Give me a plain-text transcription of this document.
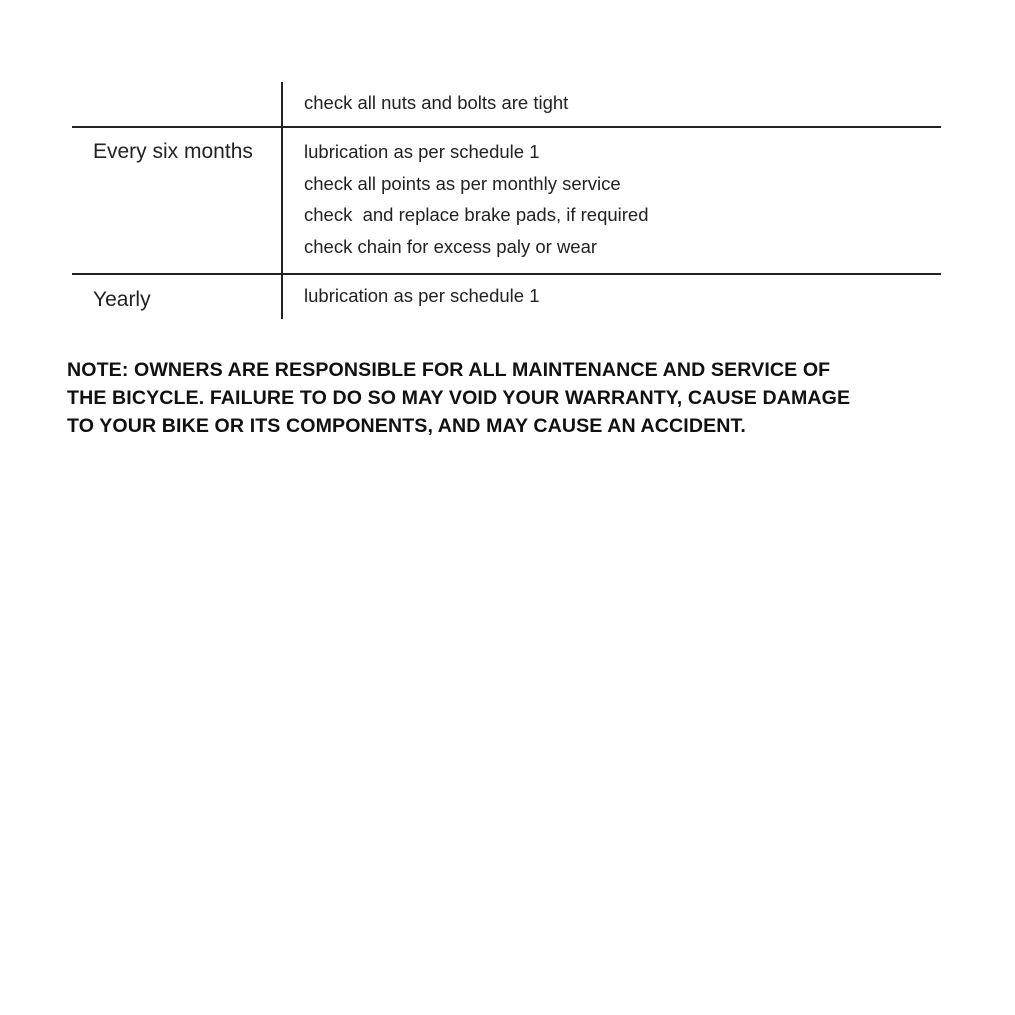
check all nuts and bolts are tight
Every six months	lubrication as per schedule 1
check all points as per monthly service
check  and replace brake pads, if required
check chain for excess paly or wear
Yearly	lubrication as per schedule 1

NOTE: OWNERS ARE RESPONSIBLE FOR ALL MAINTENANCE AND SERVICE OF
THE BICYCLE. FAILURE TO DO SO MAY VOID YOUR WARRANTY, CAUSE DAMAGE
TO YOUR BIKE OR ITS COMPONENTS, AND MAY CAUSE AN ACCIDENT.
